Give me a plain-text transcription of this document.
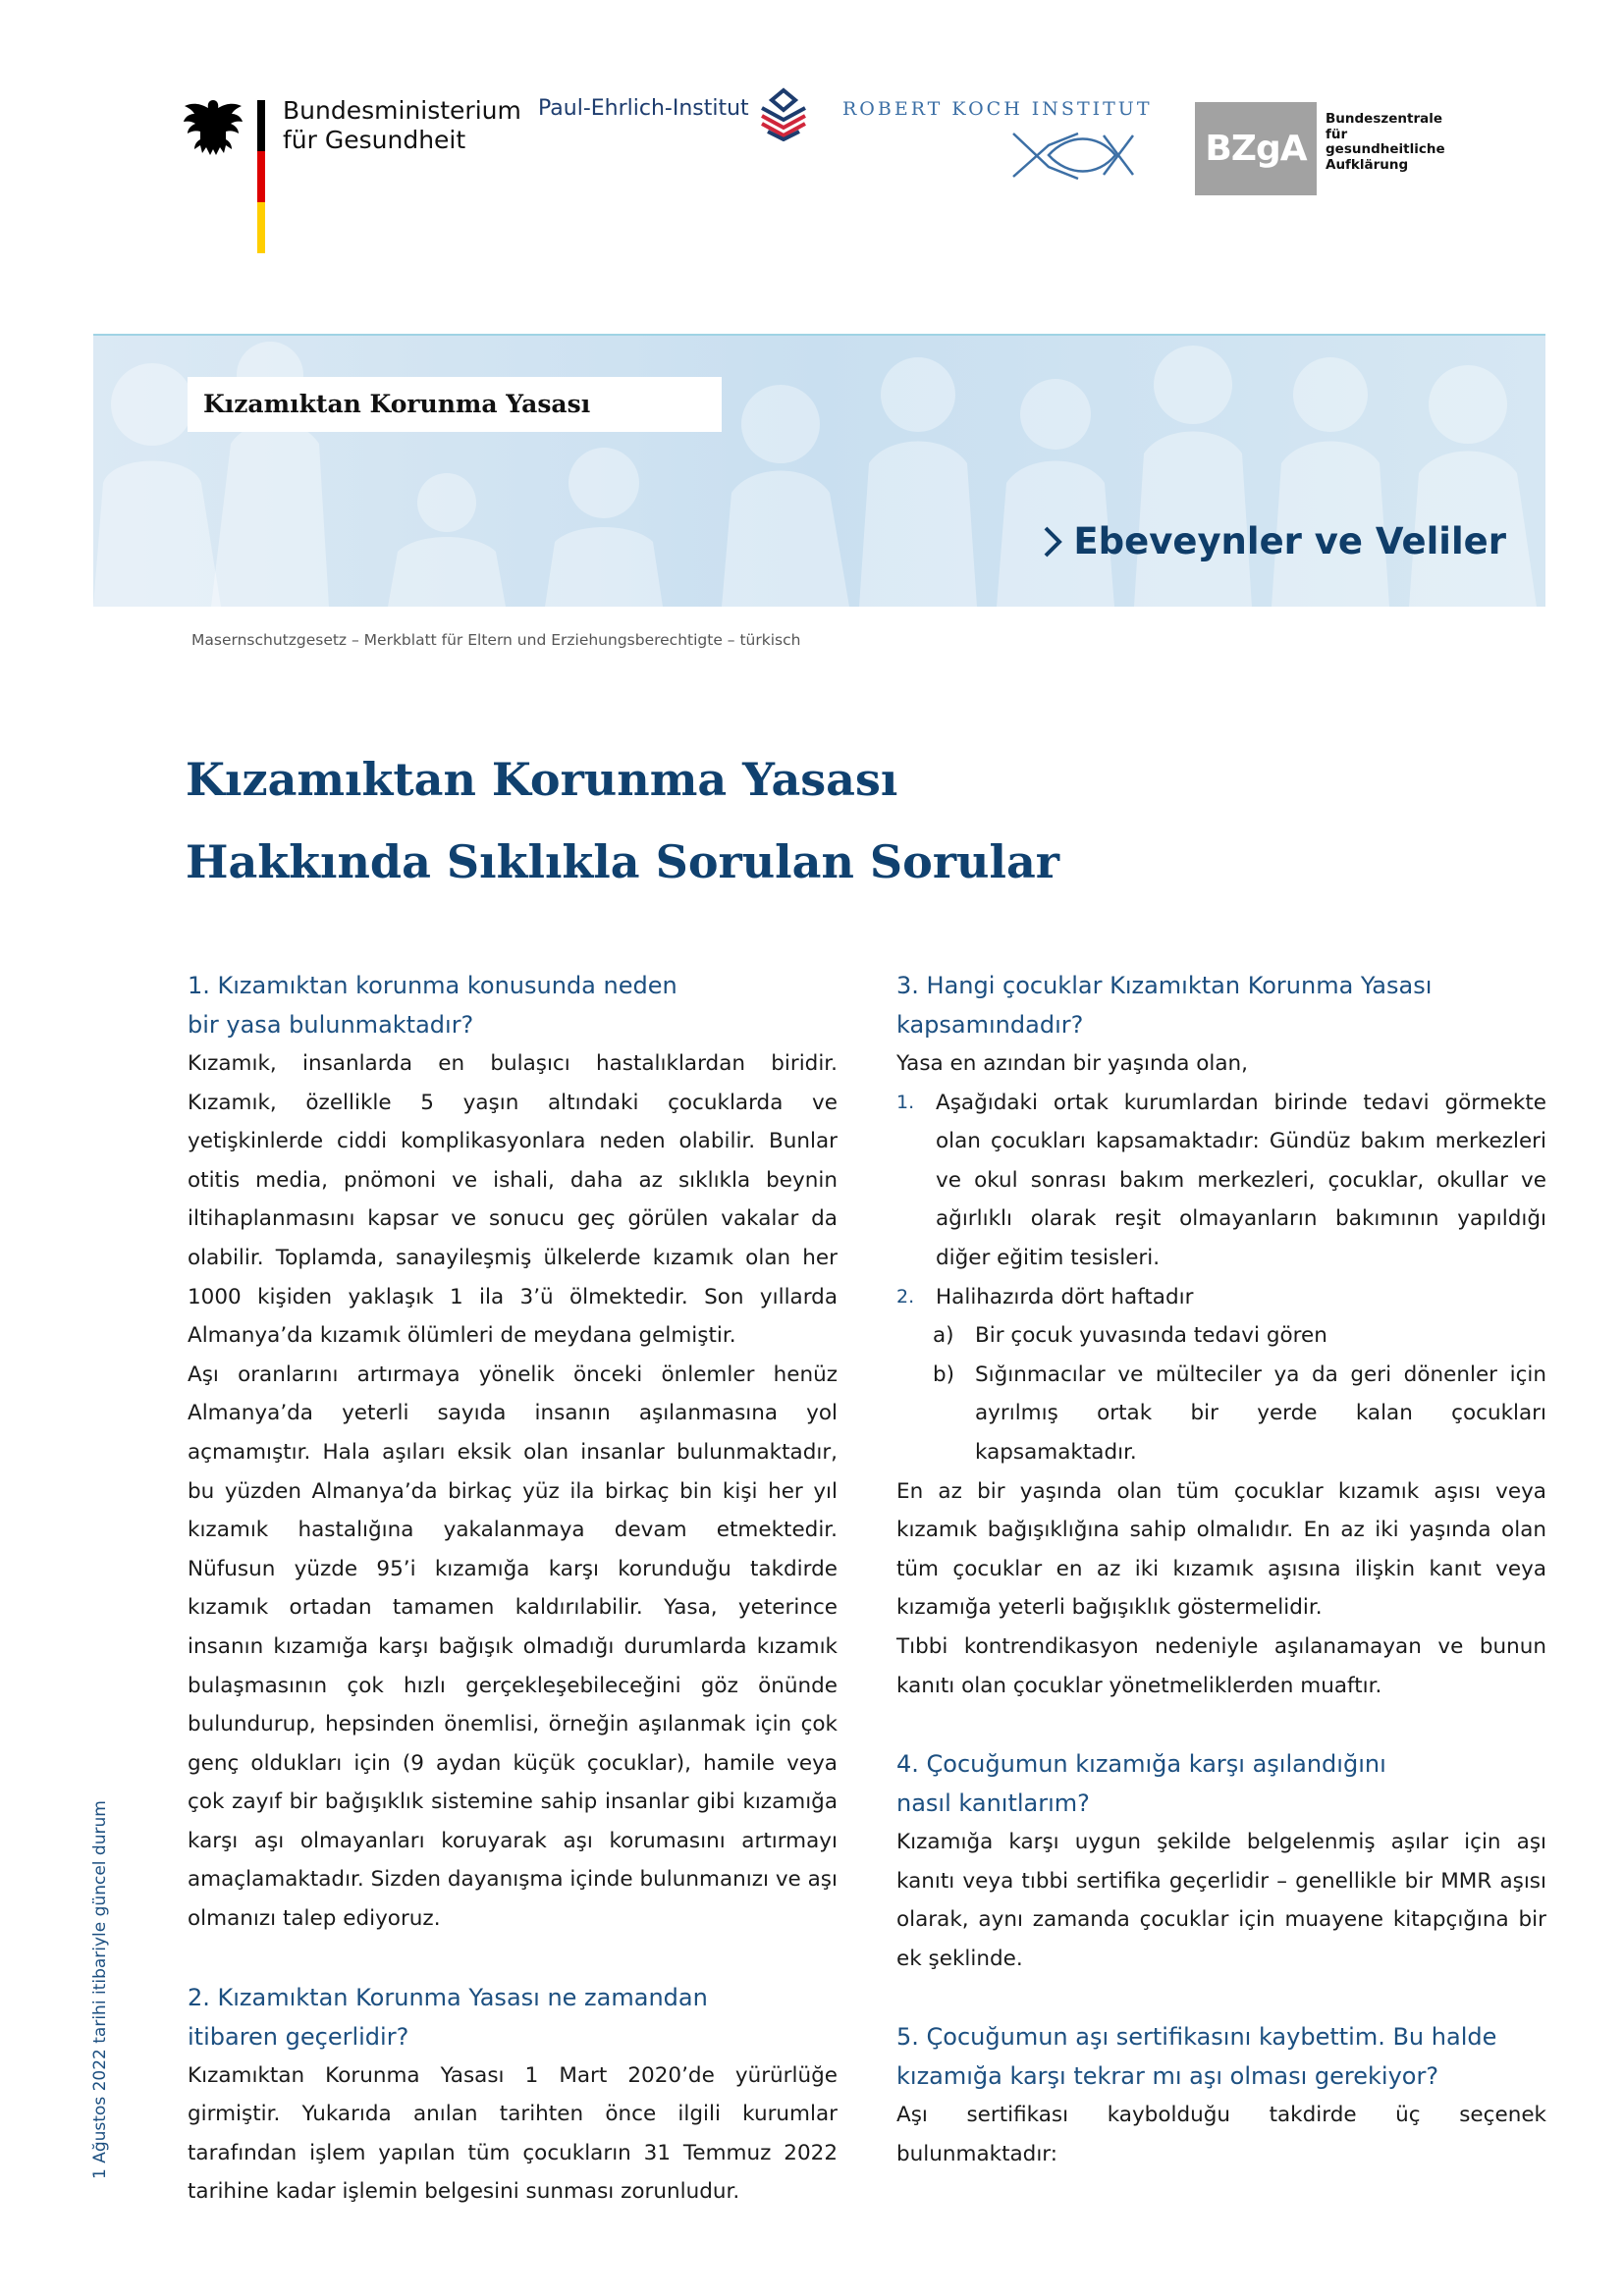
Bundesministerium
für Gesundheit
Paul-Ehrlich-Institut	ROBERT KOCH INSTITUT
BZgA
Bundeszentrale
für
gesundheitliche
Aufklärung
Kızamıktan Korunma Yasası
Ebeveynler ve Veliler
Masernschutzgesetz – Merkblatt für Eltern und Erziehungsberechtigte – türkisch
Kızamıktan Korunma Yasası
Hakkında Sıklıkla Sorulan Sorular
1. Kızamıktan korunma konusunda neden
bir yasa bulunmaktadır?

Kızamık, insanlarda en bulaşıcı hastalıklardan biridir. Kızamık, özellikle 5 yaşın altındaki çocuklarda ve yetişkinlerde ciddi komplikasyonlara neden olabilir. Bunlar otitis media, pnömoni ve ishali, daha az sıklıkla beynin iltihaplanmasını kapsar ve sonucu geç görülen vakalar da olabilir. Toplamda, sanayileşmiş ülkelerde kızamık olan her 1000 kişiden yaklaşık 1 ila 3’ü ölmektedir. Son yıllarda Almanya’da kızamık ölümleri de meydana gelmiştir.

Aşı oranlarını artırmaya yönelik önceki önlemler henüz Almanya’da yeterli sayıda insanın aşılanmasına yol açmamıştır. Hala aşıları eksik olan insanlar bulunmaktadır, bu yüzden Almanya’da birkaç yüz ila birkaç bin kişi her yıl kızamık hastalığına yakalanmaya devam etmektedir. Nüfusun yüzde 95’i kızamığa karşı korunduğu takdirde kızamık ortadan tamamen kaldırılabilir. Yasa, yeterince insanın kızamığa karşı bağışık olmadığı durumlarda kızamık bulaşmasının çok hızlı gerçekleşebileceğini göz önünde bulundurup, hepsinden önemlisi, örneğin aşılanmak için çok genç oldukları için (9 aydan küçük çocuklar), hamile veya çok zayıf bir bağışıklık sistemine sahip insanlar gibi kızamığa karşı aşı olmayanları koruyarak aşı korumasını artırmayı amaçlamaktadır. Sizden dayanışma içinde bulunmanızı ve aşı olmanızı talep ediyoruz.

2. Kızamıktan Korunma Yasası ne zamandan
itibaren geçerlidir?

Kızamıktan Korunma Yasası 1 Mart 2020’de yürürlüğe girmiştir. Yukarıda anılan tarihten önce ilgili kurumlar tarafından işlem yapılan tüm çocukların 31 Temmuz 2022 tarihine kadar işlemin belgesini sunması zorunludur.

3. Hangi çocuklar Kızamıktan Korunma Yasası
kapsamındadır?

Yasa en azından bir yaşında olan,

1. Aşağıdaki ortak kurumlardan birinde tedavi görmekte olan çocukları kapsamaktadır: Gündüz bakım merkezleri ve okul sonrası bakım merkezleri, çocuklar, okullar ve ağırlıklı olarak reşit olmayanların bakımının yapıldığı diğer eğitim tesisleri.

2. Halihazırda dört haftadır

a) Bir çocuk yuvasında tedavi gören

b) Sığınmacılar ve mülteciler ya da geri dönenler için ayrılmış ortak bir yerde kalan çocukları kapsamaktadır.

En az bir yaşında olan tüm çocuklar kızamık aşısı veya kızamık bağışıklığına sahip olmalıdır. En az iki yaşında olan tüm çocuklar en az iki kızamık aşısına ilişkin kanıt veya kızamığa yeterli bağışıklık göstermelidir.

Tıbbi kontrendikasyon nedeniyle aşılanamayan ve bunun kanıtı olan çocuklar yönetmeliklerden muaftır.

4. Çocuğumun kızamığa karşı aşılandığını
nasıl kanıtlarım?

Kızamığa karşı uygun şekilde belgelenmiş aşılar için aşı kanıtı veya tıbbi sertifika geçerlidir – genellikle bir MMR aşısı olarak, aynı zamanda çocuklar için muayene kitapçığına bir ek şeklinde.

5. Çocuğumun aşı sertifikasını kaybettim. Bu halde
kızamığa karşı tekrar mı aşı olması gerekiyor?

Aşı sertifikası kaybolduğu takdirde üç seçenek bulunmaktadır:

1 Ağustos 2022 tarihi itibariyle güncel durum
